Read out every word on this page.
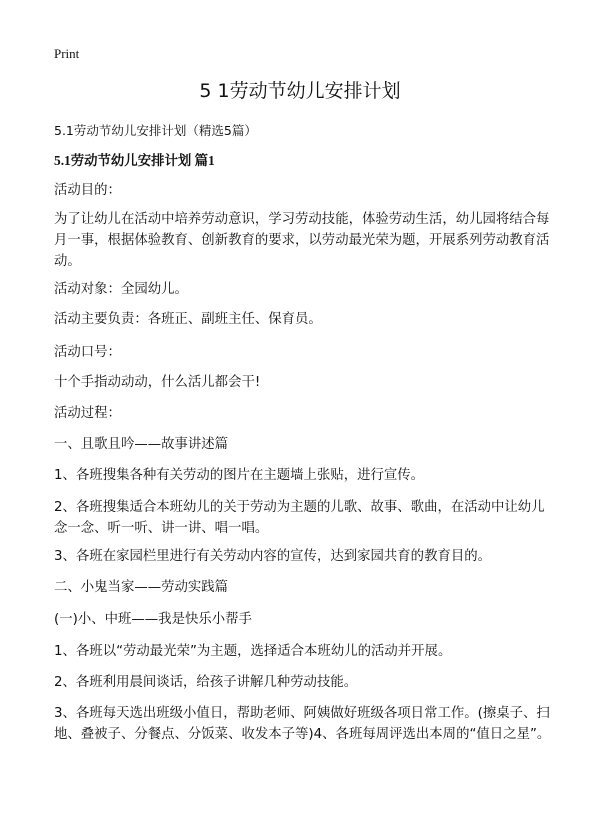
Print
5 1劳动节幼儿安排计划

5.1劳动节幼儿安排计划（精选5篇）

5.1劳动节幼儿安排计划 篇1

活动目的：

为了让幼儿在活动中培养劳动意识，学习劳动技能，体验劳动生活，幼儿园将结合每月一事，根据体验教育、创新教育的要求，以劳动最光荣为题，开展系列劳动教育活动。

活动对象：全园幼儿。

活动主要负责：各班正、副班主任、保育员。

活动口号：

十个手指动动动，什么活儿都会干!

活动过程：

一、且歌且吟——故事讲述篇

1、各班搜集各种有关劳动的图片在主题墙上张贴，进行宣传。

2、各班搜集适合本班幼儿的关于劳动为主题的儿歌、故事、歌曲，在活动中让幼儿念一念、听一听、讲一讲、唱一唱。

3、各班在家园栏里进行有关劳动内容的宣传，达到家园共育的教育目的。

二、小鬼当家——劳动实践篇

(一)小、中班——我是快乐小帮手

1、各班以“劳动最光荣”为主题，选择适合本班幼儿的活动并开展。

2、各班利用晨间谈话，给孩子讲解几种劳动技能。

3、各班每天选出班级小值日，帮助老师、阿姨做好班级各项日常工作。(擦桌子、扫地、叠被子、分餐点、分饭菜、收发本子等)4、各班每周评选出本周的“值日之星”。
